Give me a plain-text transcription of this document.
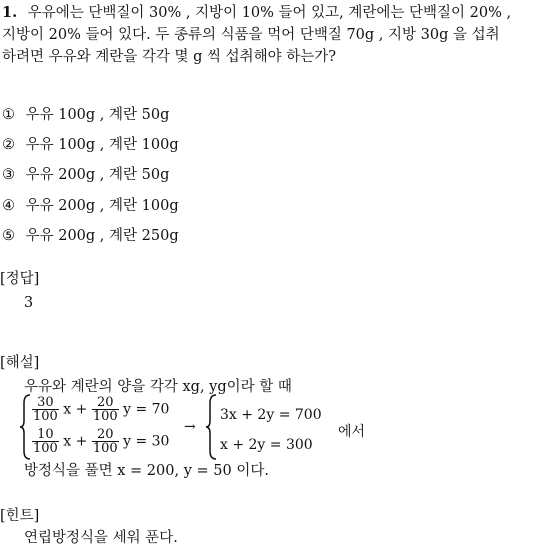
1. 우유에는 단백질이 30% , 지방이 10% 들어 있고, 계란에는 단백질이 20% ,
지방이 20% 들어 있다. 두 종류의 식품을 먹어 단백질 70g , 지방 30g 을 섭취
하려면 우유와 계란을 각각 몇 g 씩 섭취해야 하는가?
① 우유 100g , 계란 50g
② 우유 100g , 계란 100g
③ 우유 200g , 계란 50g
④ 우유 200g , 계란 100g
⑤ 우유 200g , 계란 250g
[정답]
3
[해설]
우유와 계란의 양을 각각 xg, yg이라 할 때
$\frac{30}{100}$ $x + \frac{20}{100}$ y = 70
$\frac{10}{100}$ $x + \frac{20}{100}$ y = 30
→
3x + 2y = 700
x + 2y = 300
에서
방정식을 풀면 x = 200, y = 50 이다.
[힌트]
연립방정식을 세워 푼다.
